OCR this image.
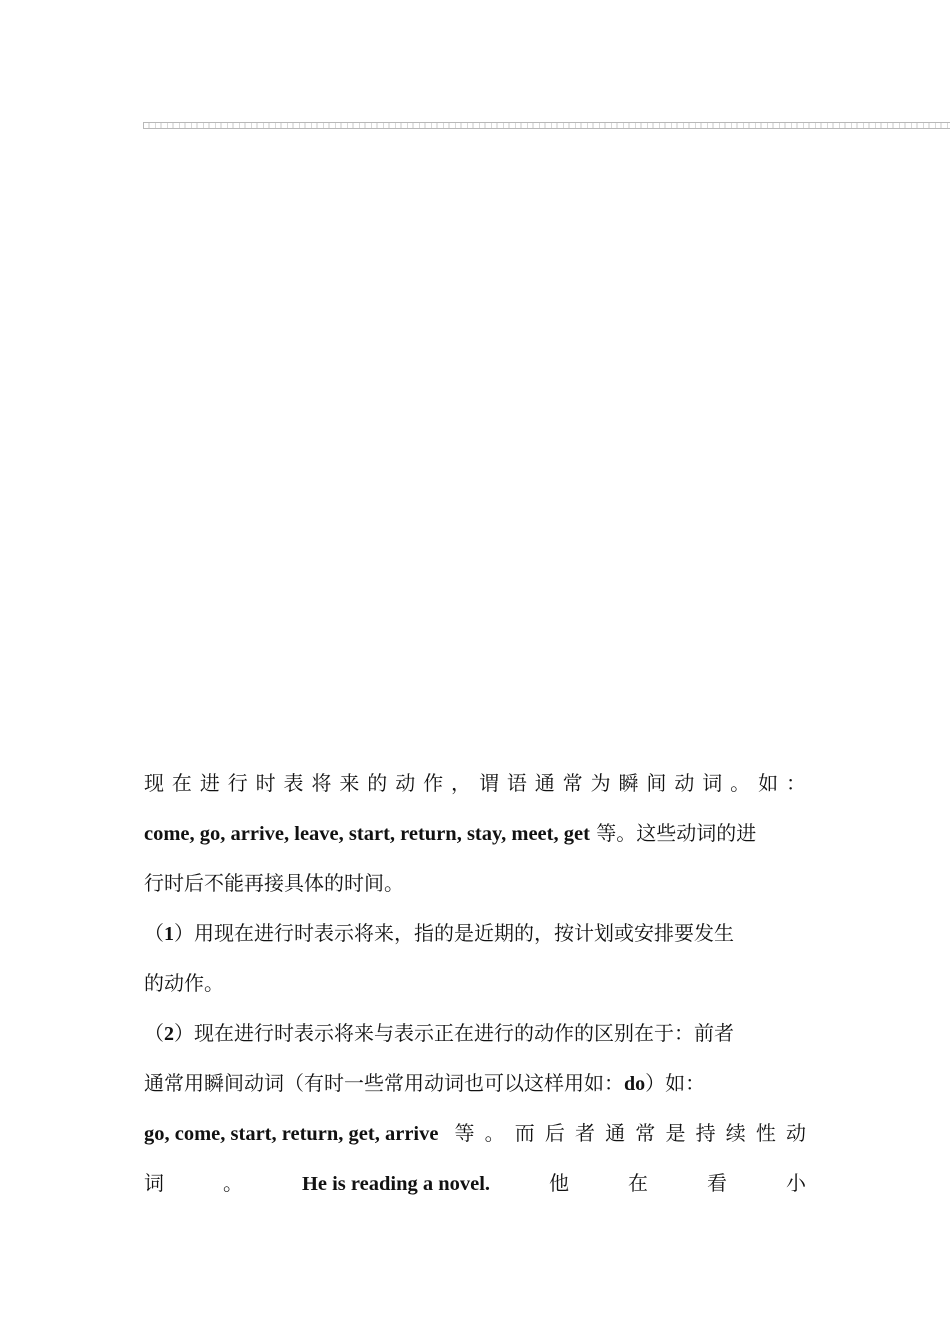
现 在 进 行 时 表 将 来 的 动 作 ， 谓 语 通 常 为 瞬 间 动 词 。 如 ：
come, go, arrive, leave, start, return, stay, meet, get 等。这些动词的进
行时后不能再接具体的时间。
（1）用现在进行时表示将来，指的是近期的，按计划或安排要发生
的动作。
（2）现在进行时表示将来与表示正在进行的动作的区别在于：前者
通常用瞬间动词（有时一些常用动词也可以这样用如：do）如：
go, come, start, return, get, arrive 等 。 而 后 者 通 常 是 持 续 性 动
词	。	He is reading a novel.	他	在	看	小
